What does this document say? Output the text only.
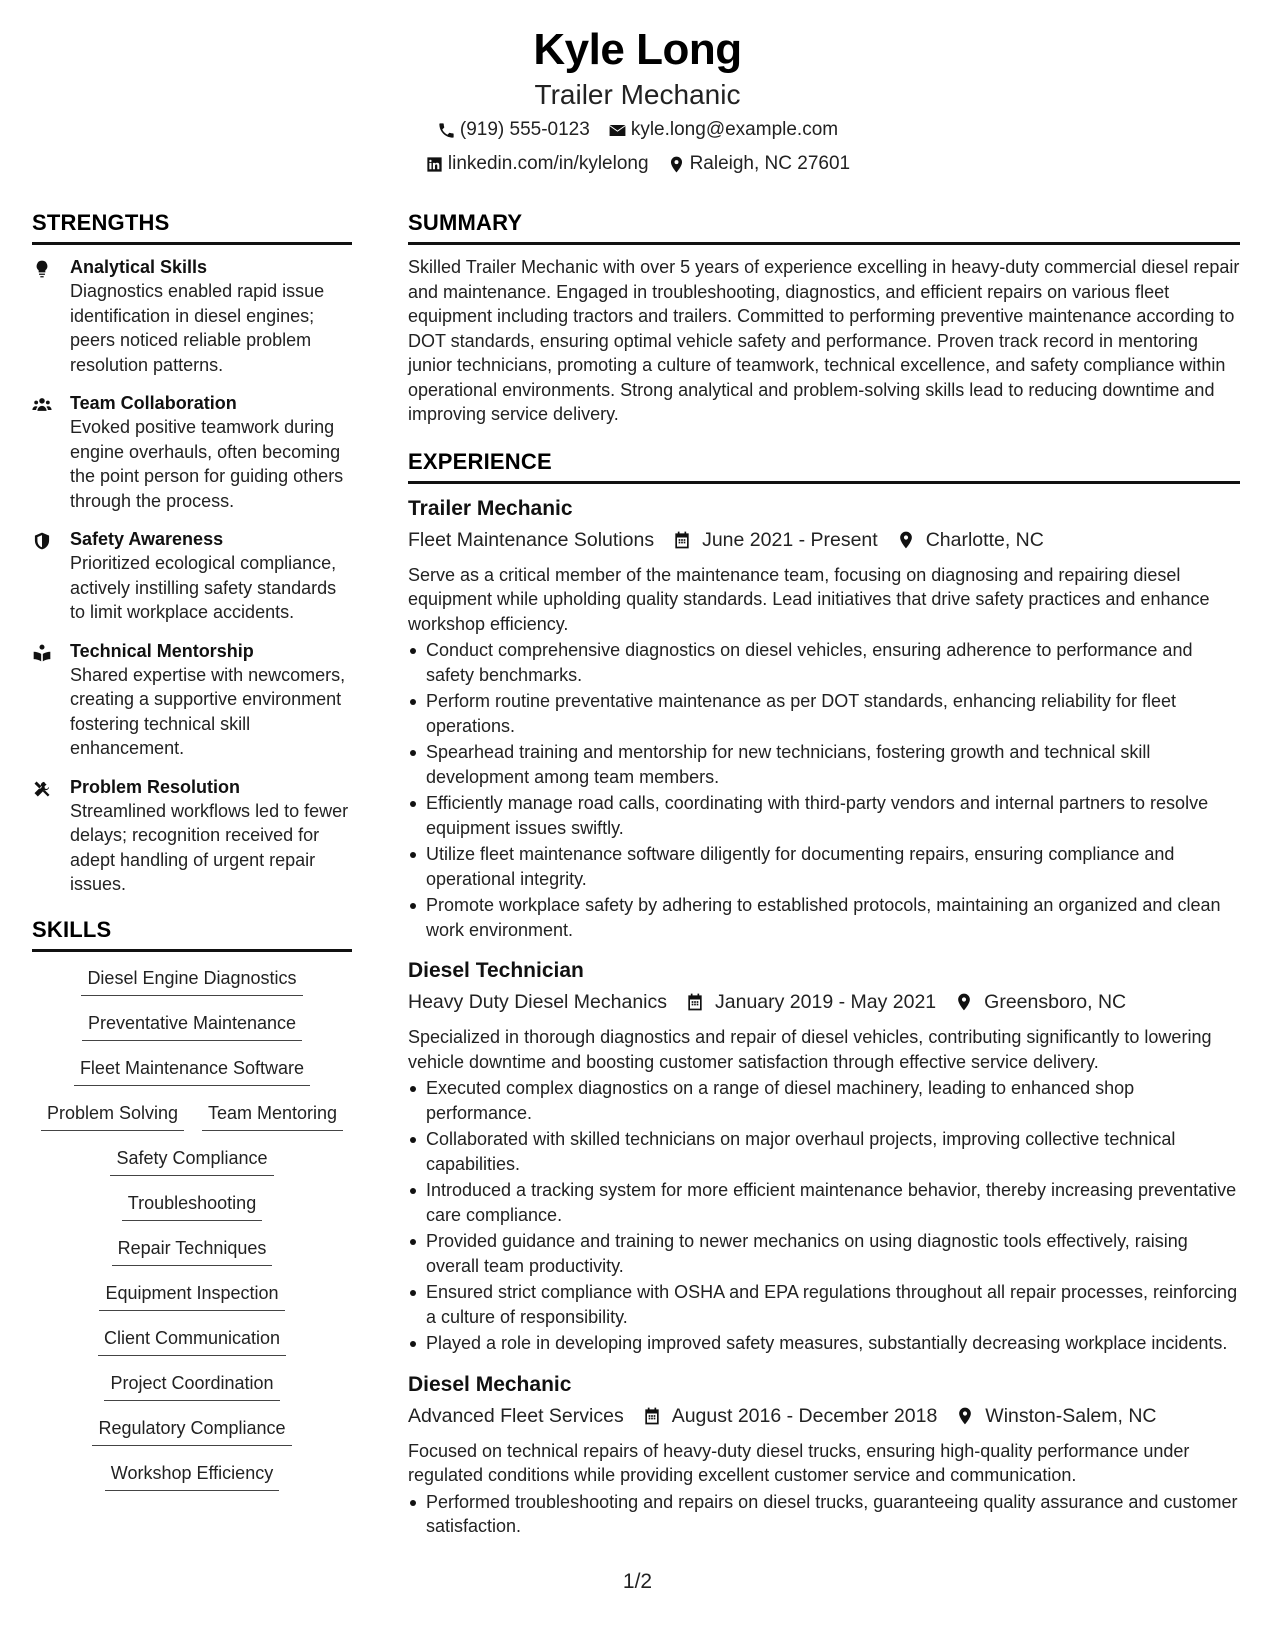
Kyle Long
Trailer Mechanic
(919) 555-0123 kyle.long@example.com
linkedin.com/in/kylelong Raleigh, NC 27601
STRENGTHS
Analytical Skills
Diagnostics enabled rapid issue identification in diesel engines; peers noticed reliable problem resolution patterns.
Team Collaboration
Evoked positive teamwork during engine overhauls, often becoming the point person for guiding others through the process.
Safety Awareness
Prioritized ecological compliance, actively instilling safety standards to limit workplace accidents.
Technical Mentorship
Shared expertise with newcomers, creating a supportive environment fostering technical skill enhancement.
Problem Resolution
Streamlined workflows led to fewer delays; recognition received for adept handling of urgent repair issues.
SKILLS
Diesel Engine Diagnostics
Preventative Maintenance
Fleet Maintenance Software
Problem Solving	Team Mentoring
Safety Compliance
Troubleshooting
Repair Techniques
Equipment Inspection
Client Communication
Project Coordination
Regulatory Compliance
Workshop Efficiency
SUMMARY
Skilled Trailer Mechanic with over 5 years of experience excelling in heavy-duty commercial diesel repair and maintenance. Engaged in troubleshooting, diagnostics, and efficient repairs on various fleet equipment including tractors and trailers. Committed to performing preventive maintenance according to DOT standards, ensuring optimal vehicle safety and performance. Proven track record in mentoring junior technicians, promoting a culture of teamwork, technical excellence, and safety compliance within operational environments. Strong analytical and problem-solving skills lead to reducing downtime and improving service delivery.
EXPERIENCE
Trailer Mechanic
Fleet Maintenance Solutions June 2021 - Present Charlotte, NC
Serve as a critical member of the maintenance team, focusing on diagnosing and repairing diesel equipment while upholding quality standards. Lead initiatives that drive safety practices and enhance workshop efficiency.
Conduct comprehensive diagnostics on diesel vehicles, ensuring adherence to performance and safety benchmarks.
Perform routine preventative maintenance as per DOT standards, enhancing reliability for fleet operations.
Spearhead training and mentorship for new technicians, fostering growth and technical skill development among team members.
Efficiently manage road calls, coordinating with third-party vendors and internal partners to resolve equipment issues swiftly.
Utilize fleet maintenance software diligently for documenting repairs, ensuring compliance and operational integrity.
Promote workplace safety by adhering to established protocols, maintaining an organized and clean work environment.
Diesel Technician
Heavy Duty Diesel Mechanics January 2019 - May 2021 Greensboro, NC
Specialized in thorough diagnostics and repair of diesel vehicles, contributing significantly to lowering vehicle downtime and boosting customer satisfaction through effective service delivery.
Executed complex diagnostics on a range of diesel machinery, leading to enhanced shop performance.
Collaborated with skilled technicians on major overhaul projects, improving collective technical capabilities.
Introduced a tracking system for more efficient maintenance behavior, thereby increasing preventative care compliance.
Provided guidance and training to newer mechanics on using diagnostic tools effectively, raising overall team productivity.
Ensured strict compliance with OSHA and EPA regulations throughout all repair processes, reinforcing a culture of responsibility.
Played a role in developing improved safety measures, substantially decreasing workplace incidents.
Diesel Mechanic
Advanced Fleet Services August 2016 - December 2018 Winston-Salem, NC
Focused on technical repairs of heavy-duty diesel trucks, ensuring high-quality performance under regulated conditions while providing excellent customer service and communication.
Performed troubleshooting and repairs on diesel trucks, guaranteeing quality assurance and customer satisfaction.
1/2
